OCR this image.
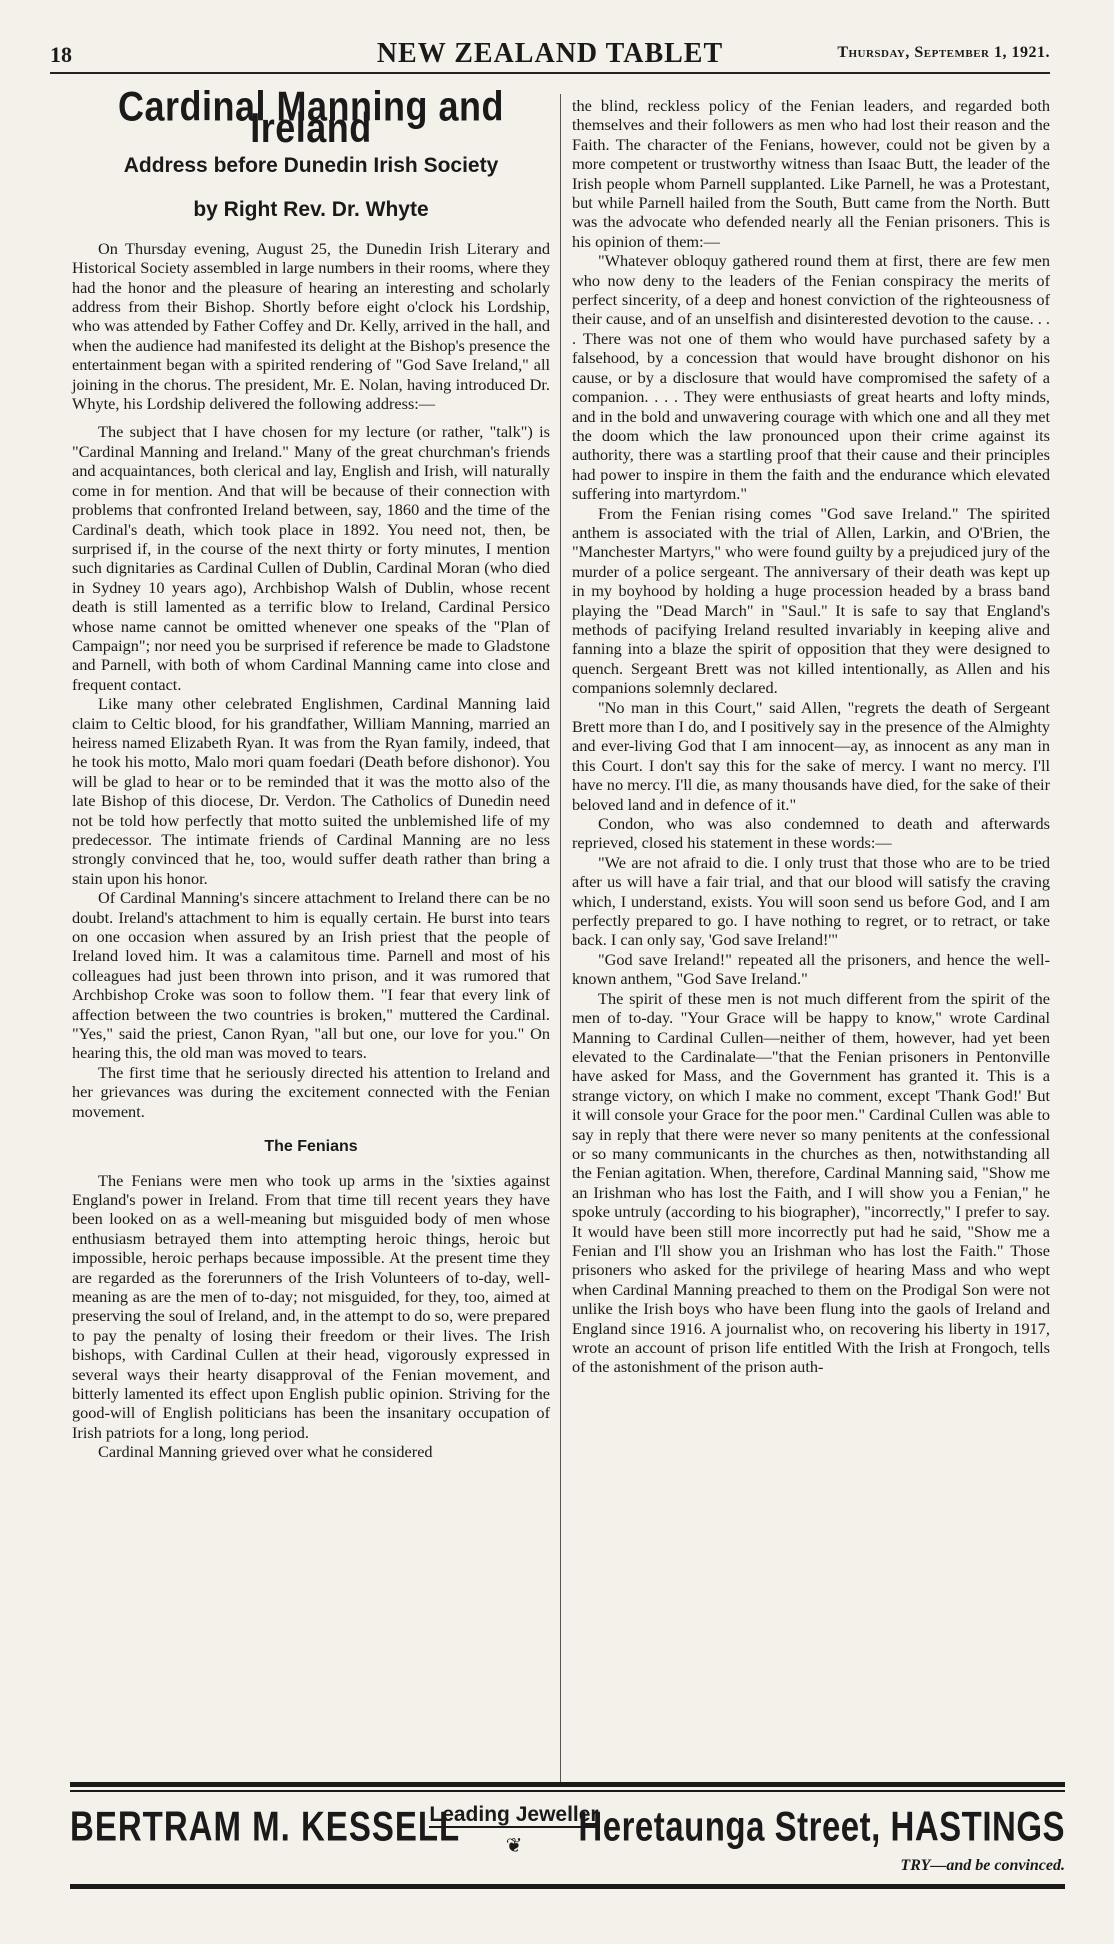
18	NEW ZEALAND TABLET	Thursday, September 1, 1921.
Cardinal Manning and Ireland
Address before Dunedin Irish Society
by Right Rev. Dr. Whyte

On Thursday evening, August 25, the Dunedin Irish Literary and Historical Society assembled in large numbers in their rooms, where they had the honor and the pleasure of hearing an interesting and scholarly address from their Bishop. Shortly before eight o'clock his Lordship, who was attended by Father Coffey and Dr. Kelly, arrived in the hall, and when the audience had manifested its delight at the Bishop's presence the entertainment began with a spirited rendering of "God Save Ireland," all joining in the chorus. The president, Mr. E. Nolan, having introduced Dr. Whyte, his Lordship delivered the following address:—

The subject that I have chosen for my lecture (or rather, "talk") is "Cardinal Manning and Ireland." Many of the great churchman's friends and acquaintances, both clerical and lay, English and Irish, will naturally come in for mention. And that will be because of their connection with problems that confronted Ireland between, say, 1860 and the time of the Cardinal's death, which took place in 1892. You need not, then, be surprised if, in the course of the next thirty or forty minutes, I mention such dignitaries as Cardinal Cullen of Dublin, Cardinal Moran (who died in Sydney 10 years ago), Archbishop Walsh of Dublin, whose recent death is still lamented as a terrific blow to Ireland, Cardinal Persico whose name cannot be omitted whenever one speaks of the "Plan of Campaign"; nor need you be surprised if reference be made to Gladstone and Parnell, with both of whom Cardinal Manning came into close and frequent contact.

Like many other celebrated Englishmen, Cardinal Manning laid claim to Celtic blood, for his grandfather, William Manning, married an heiress named Elizabeth Ryan. It was from the Ryan family, indeed, that he took his motto, Malo mori quam foedari (Death before dishonor). You will be glad to hear or to be reminded that it was the motto also of the late Bishop of this diocese, Dr. Verdon. The Catholics of Dunedin need not be told how perfectly that motto suited the unblemished life of my predecessor. The intimate friends of Cardinal Manning are no less strongly convinced that he, too, would suffer death rather than bring a stain upon his honor.

Of Cardinal Manning's sincere attachment to Ireland there can be no doubt. Ireland's attachment to him is equally certain. He burst into tears on one occasion when assured by an Irish priest that the people of Ireland loved him. It was a calamitous time. Parnell and most of his colleagues had just been thrown into prison, and it was rumored that Archbishop Croke was soon to follow them. "I fear that every link of affection between the two countries is broken," muttered the Cardinal. "Yes," said the priest, Canon Ryan, "all but one, our love for you." On hearing this, the old man was moved to tears.

The first time that he seriously directed his attention to Ireland and her grievances was during the excitement connected with the Fenian movement.

The Fenians

The Fenians were men who took up arms in the 'sixties against England's power in Ireland. From that time till recent years they have been looked on as a well-meaning but misguided body of men whose enthusiasm betrayed them into attempting heroic things, heroic but impossible, heroic perhaps because impossible. At the present time they are regarded as the forerunners of the Irish Volunteers of to-day, well-meaning as are the men of to-day; not misguided, for they, too, aimed at preserving the soul of Ireland, and, in the attempt to do so, were prepared to pay the penalty of losing their freedom or their lives. The Irish bishops, with Cardinal Cullen at their head, vigorously expressed in several ways their hearty disapproval of the Fenian movement, and bitterly lamented its effect upon English public opinion. Striving for the good-will of English politicians has been the insanitary occupation of Irish patriots for a long, long period.

Cardinal Manning grieved over what he considered

the blind, reckless policy of the Fenian leaders, and regarded both themselves and their followers as men who had lost their reason and the Faith. The character of the Fenians, however, could not be given by a more competent or trustworthy witness than Isaac Butt, the leader of the Irish people whom Parnell supplanted. Like Parnell, he was a Protestant, but while Parnell hailed from the South, Butt came from the North. Butt was the advocate who defended nearly all the Fenian prisoners. This is his opinion of them:—

"Whatever obloquy gathered round them at first, there are few men who now deny to the leaders of the Fenian conspiracy the merits of perfect sincerity, of a deep and honest conviction of the righteousness of their cause, and of an unselfish and disinterested devotion to the cause. . . . There was not one of them who would have purchased safety by a falsehood, by a concession that would have brought dishonor on his cause, or by a disclosure that would have compromised the safety of a companion. . . . They were enthusiasts of great hearts and lofty minds, and in the bold and unwavering courage with which one and all they met the doom which the law pronounced upon their crime against its authority, there was a startling proof that their cause and their principles had power to inspire in them the faith and the endurance which elevated suffering into martyrdom."

From the Fenian rising comes "God save Ireland." The spirited anthem is associated with the trial of Allen, Larkin, and O'Brien, the "Manchester Martyrs," who were found guilty by a prejudiced jury of the murder of a police sergeant. The anniversary of their death was kept up in my boyhood by holding a huge procession headed by a brass band playing the "Dead March" in "Saul." It is safe to say that England's methods of pacifying Ireland resulted invariably in keeping alive and fanning into a blaze the spirit of opposition that they were designed to quench. Sergeant Brett was not killed intentionally, as Allen and his companions solemnly declared.

"No man in this Court," said Allen, "regrets the death of Sergeant Brett more than I do, and I positively say in the presence of the Almighty and ever-living God that I am innocent—ay, as innocent as any man in this Court. I don't say this for the sake of mercy. I want no mercy. I'll have no mercy. I'll die, as many thousands have died, for the sake of their beloved land and in defence of it."

Condon, who was also condemned to death and afterwards reprieved, closed his statement in these words:—

"We are not afraid to die. I only trust that those who are to be tried after us will have a fair trial, and that our blood will satisfy the craving which, I understand, exists. You will soon send us before God, and I am perfectly prepared to go. I have nothing to regret, or to retract, or take back. I can only say, 'God save Ireland!'"

"God save Ireland!" repeated all the prisoners, and hence the well-known anthem, "God Save Ireland."

The spirit of these men is not much different from the spirit of the men of to-day. "Your Grace will be happy to know," wrote Cardinal Manning to Cardinal Cullen—neither of them, however, had yet been elevated to the Cardinalate—"that the Fenian prisoners in Pentonville have asked for Mass, and the Government has granted it. This is a strange victory, on which I make no comment, except 'Thank God!' But it will console your Grace for the poor men." Cardinal Cullen was able to say in reply that there were never so many penitents at the confessional or so many communicants in the churches as then, notwithstanding all the Fenian agitation. When, therefore, Cardinal Manning said, "Show me an Irishman who has lost the Faith, and I will show you a Fenian," he spoke untruly (according to his biographer), "incorrectly," I prefer to say. It would have been still more incorrectly put had he said, "Show me a Fenian and I'll show you an Irishman who has lost the Faith." Those prisoners who asked for the privilege of hearing Mass and who wept when Cardinal Manning preached to them on the Prodigal Son were not unlike the Irish boys who have been flung into the gaols of Ireland and England since 1916. A journalist who, on recovering his liberty in 1917, wrote an account of prison life entitled With the Irish at Frongoch, tells of the astonishment of the prison auth-

BERTRAM M. KESSELL
Leading Jeweller
❦	Heretaunga Street, HASTINGS
TRY—and be convinced.
